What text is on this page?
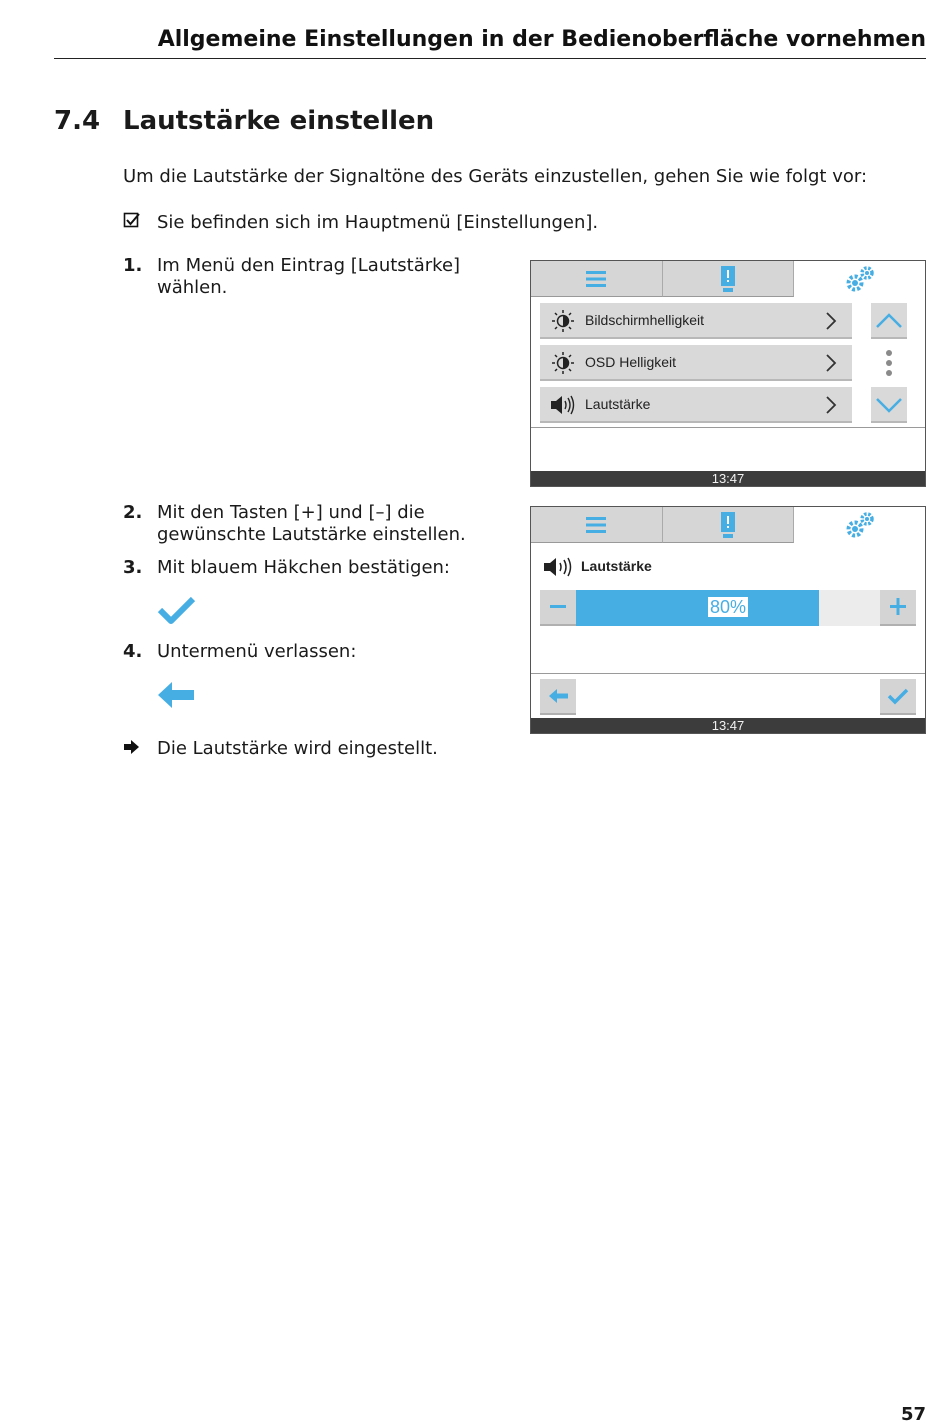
Allgemeine Einstellungen in der Bedienoberfläche vornehmen
7.4 Lautstärke einstellen
Um die Lautstärke der Signaltöne des Geräts einzustellen, gehen Sie wie folgt vor:
Sie befinden sich im Hauptmenü [Einstellungen].
1. Im Menü den Eintrag [Lautstärke]
wählen.
2. Mit den Tasten [+] und [–] die
gewünschte Lautstärke einstellen.
3. Mit blauem Häkchen bestätigen:
4. Untermenü verlassen:
Die Lautstärke wird eingestellt.
Bildschirmhelligkeit
OSD Helligkeit
Lautstärke
13:47
Lautstärke
80%
13:47
57
